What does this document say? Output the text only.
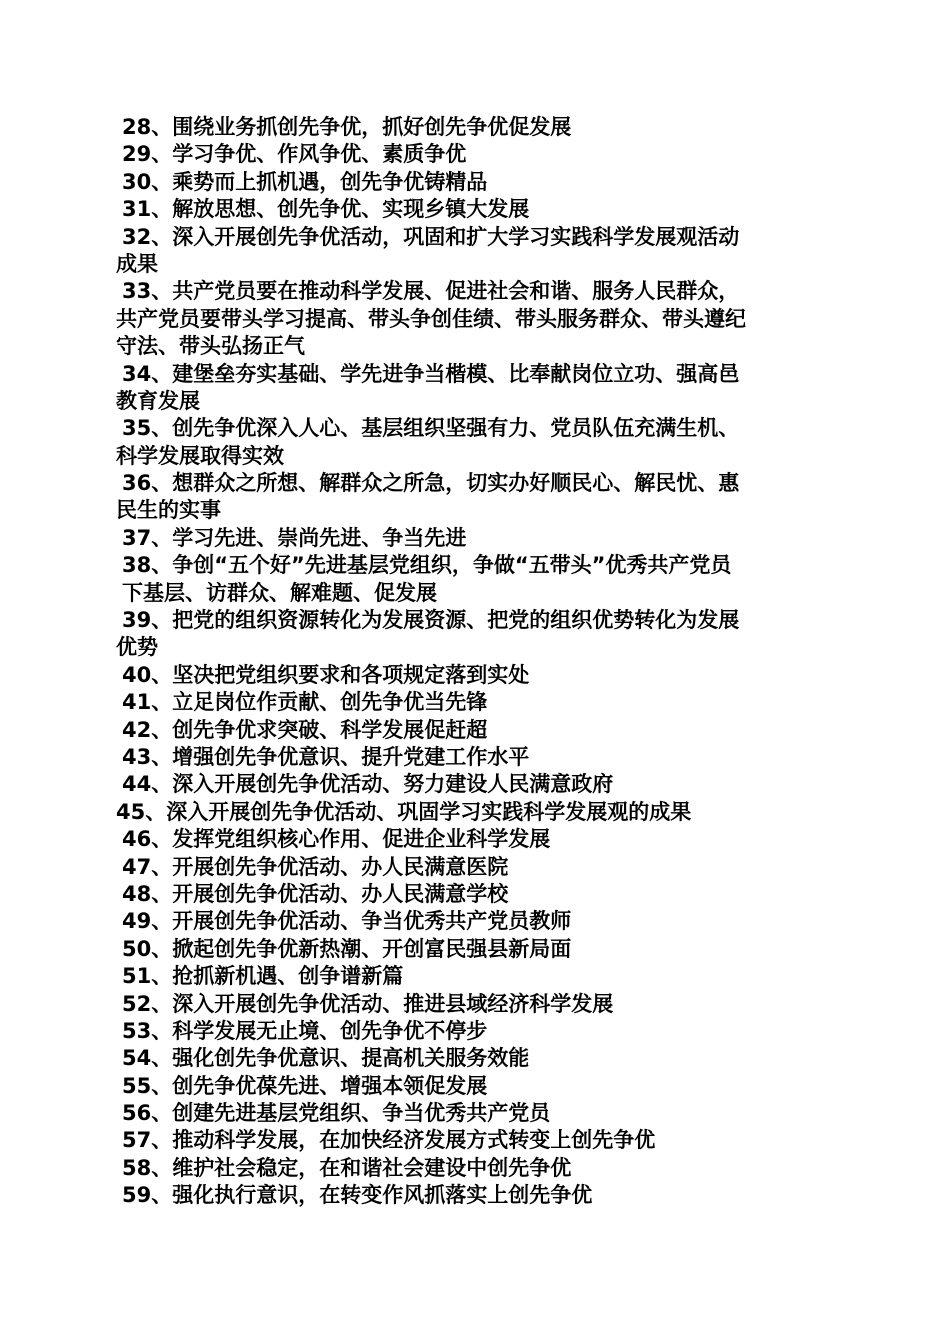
28、围绕业务抓创先争优，抓好创先争优促发展
29、学习争优、作风争优、素质争优
30、乘势而上抓机遇，创先争优铸精品
31、解放思想、创先争优、实现乡镇大发展
32、深入开展创先争优活动，巩固和扩大学习实践科学发展观活动
成果
33、共产党员要在推动科学发展、促进社会和谐、服务人民群众，
共产党员要带头学习提高、带头争创佳绩、带头服务群众、带头遵纪
守法、带头弘扬正气
34、建堡垒夯实基础、学先进争当楷模、比奉献岗位立功、强高邑
教育发展
35、创先争优深入人心、基层组织坚强有力、党员队伍充满生机、
科学发展取得实效
36、想群众之所想、解群众之所急，切实办好顺民心、解民忧、惠
民生的实事
37、学习先进、崇尚先进、争当先进
38、争创“五个好”先进基层党组织，争做“五带头”优秀共产党员
下基层、访群众、解难题、促发展
39、把党的组织资源转化为发展资源、把党的组织优势转化为发展
优势
40、坚决把党组织要求和各项规定落到实处
41、立足岗位作贡献、创先争优当先锋
42、创先争优求突破、科学发展促赶超
43、增强创先争优意识、提升党建工作水平
44、深入开展创先争优活动、努力建设人民满意政府
45、深入开展创先争优活动、巩固学习实践科学发展观的成果
46、发挥党组织核心作用、促进企业科学发展
47、开展创先争优活动、办人民满意医院
48、开展创先争优活动、办人民满意学校
49、开展创先争优活动、争当优秀共产党员教师
50、掀起创先争优新热潮、开创富民强县新局面
51、抢抓新机遇、创争谱新篇
52、深入开展创先争优活动、推进县域经济科学发展
53、科学发展无止境、创先争优不停步
54、强化创先争优意识、提高机关服务效能
55、创先争优葆先进、增强本领促发展
56、创建先进基层党组织、争当优秀共产党员
57、推动科学发展，在加快经济发展方式转变上创先争优
58、维护社会稳定，在和谐社会建设中创先争优
59、强化执行意识，在转变作风抓落实上创先争优
